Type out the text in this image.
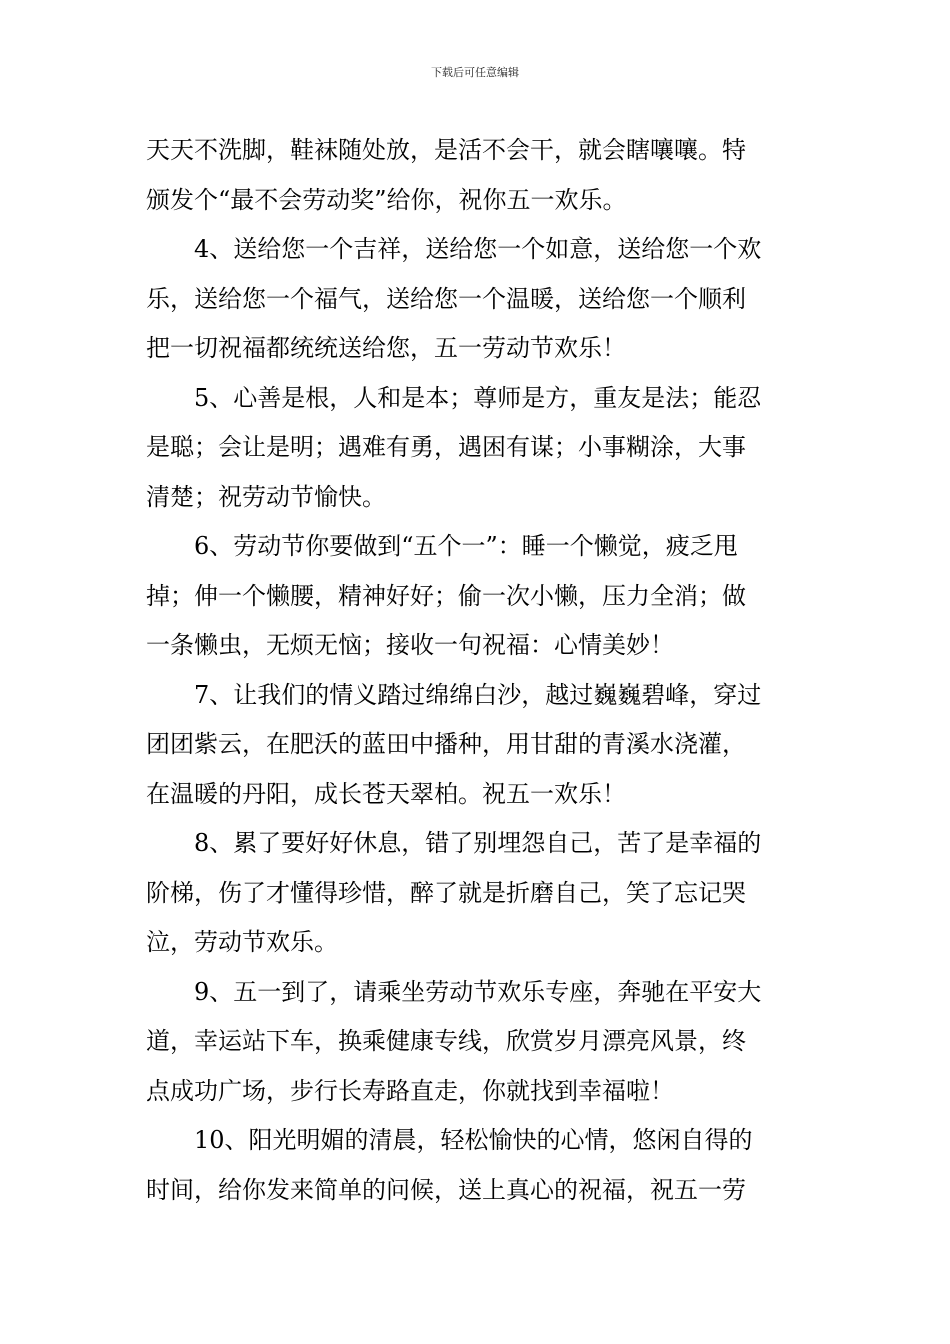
下载后可任意编辑
天天不洗脚，鞋袜随处放，是活不会干，就会瞎嚷嚷。特
颁发个“最不会劳动奖”给你，祝你五一欢乐。
4、送给您一个吉祥，送给您一个如意，送给您一个欢
乐，送给您一个福气，送给您一个温暖，送给您一个顺利
把一切祝福都统统送给您，五一劳动节欢乐！
5、心善是根，人和是本；尊师是方，重友是法；能忍
是聪；会让是明；遇难有勇，遇困有谋；小事糊涂，大事
清楚；祝劳动节愉快。
6、劳动节你要做到“五个一”：睡一个懒觉，疲乏甩
掉；伸一个懒腰，精神好好；偷一次小懒，压力全消；做
一条懒虫，无烦无恼；接收一句祝福：心情美妙！
7、让我们的情义踏过绵绵白沙，越过巍巍碧峰，穿过
团团紫云，在肥沃的蓝田中播种，用甘甜的青溪水浇灌，
在温暖的丹阳，成长苍天翠柏。祝五一欢乐！
8、累了要好好休息，错了别埋怨自己，苦了是幸福的
阶梯，伤了才懂得珍惜，醉了就是折磨自己，笑了忘记哭
泣，劳动节欢乐。
9、五一到了，请乘坐劳动节欢乐专座，奔驰在平安大
道，幸运站下车，换乘健康专线，欣赏岁月漂亮风景，终
点成功广场，步行长寿路直走，你就找到幸福啦！
10、阳光明媚的清晨，轻松愉快的心情，悠闲自得的
时间，给你发来简单的问候，送上真心的祝福，祝五一劳
